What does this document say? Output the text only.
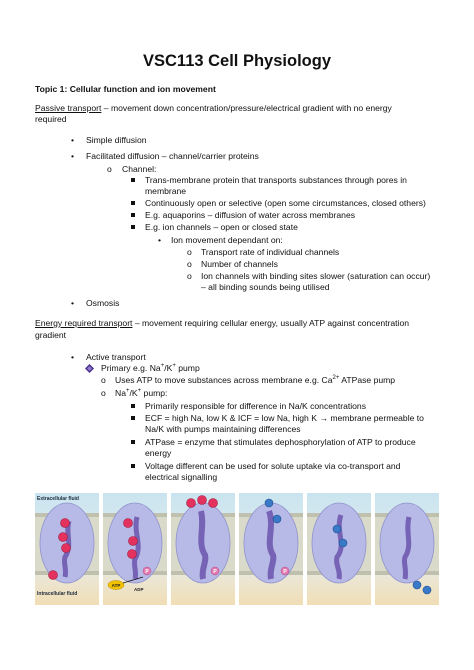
VSC113 Cell Physiology
Topic 1: Cellular function and ion movement
Passive transport – movement down concentration/pressure/electrical gradient with no energy
required
• Simple diffusion
• Facilitated diffusion – channel/carrier proteins
o Channel:
Trans-membrane protein that transports substances through pores in
membrane
Continuously open or selective (open some circumstances, closed others)
E.g. aquaporins – diffusion of water across membranes
E.g. ion channels – open or closed state
• Ion movement dependant on:
o Transport rate of individual channels
o Number of channels
o Ion channels with binding sites slower (saturation can occur)
– all binding sounds being utilised
• Osmosis
Energy required transport – movement requiring cellular energy, usually ATP against concentration
gradient
• Active transport
Primary e.g. Na+/K+ pump
o Uses ATP to move substances across membrane e.g. $Ca^{2+}$ ATPase pump
o Na+/K+ pump:
Primarily responsible for difference in Na/K concentrations
ECF = high Na, low K & ICF = low Na, high K → membrane permeable to
Na/K with pumps maintaining differences
ATPase = enzyme that stimulates dephosphorylation of ATP to produce
energy
Voltage different can be used for solute uptake via co-transport and
electrical signalling
Extracellular fluid
Intracellular fluid
P
ATP
ADP
P	P
